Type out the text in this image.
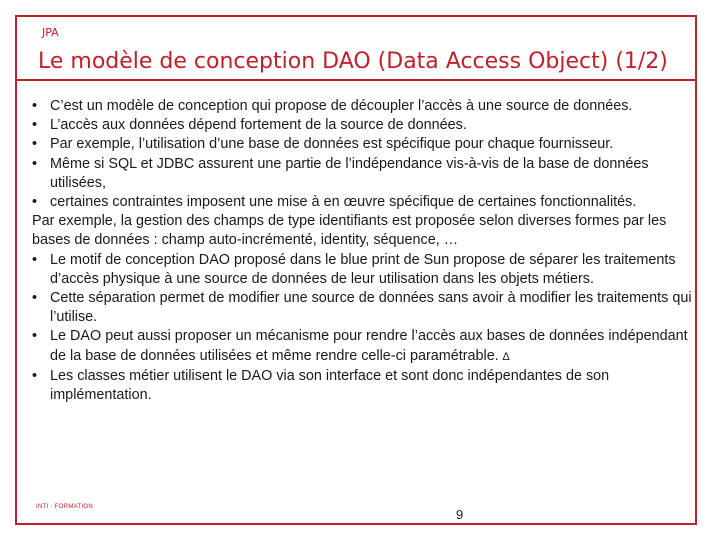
JPA
Le modèle de conception DAO (Data Access Object) (1/2)
• C’est un modèle de conception qui propose de découpler l’accès à une source de données.
• L’accès aux données dépend fortement de la source de données.
• Par exemple, l’utilisation d’une base de données est spécifique pour chaque fournisseur.
• Même si SQL et JDBC assurent une partie de l’indépendance vis-à-vis de la base de données utilisées,
• certaines contraintes imposent une mise à en œuvre spécifique de certaines fonctionnalités.
Par exemple, la gestion des champs de type identifiants est proposée selon diverses formes par les bases de données : champ auto-incrémenté, identity, séquence, …
• Le motif de conception DAO proposé dans le blue print de Sun propose de séparer les traitements d’accès physique à une source de données de leur utilisation dans les objets métiers.
• Cette séparation permet de modifier une source de données sans avoir à modifier les traitements qui l’utilise.
• Le DAO peut aussi proposer un mécanisme pour rendre l’accès aux bases de données indépendant de la base de données utilisées et même rendre celle-ci paramétrable. ∆
• Les classes métier utilisent le DAO via son interface et sont donc indépendantes de son implémentation.
INTI · FORMATION	9
